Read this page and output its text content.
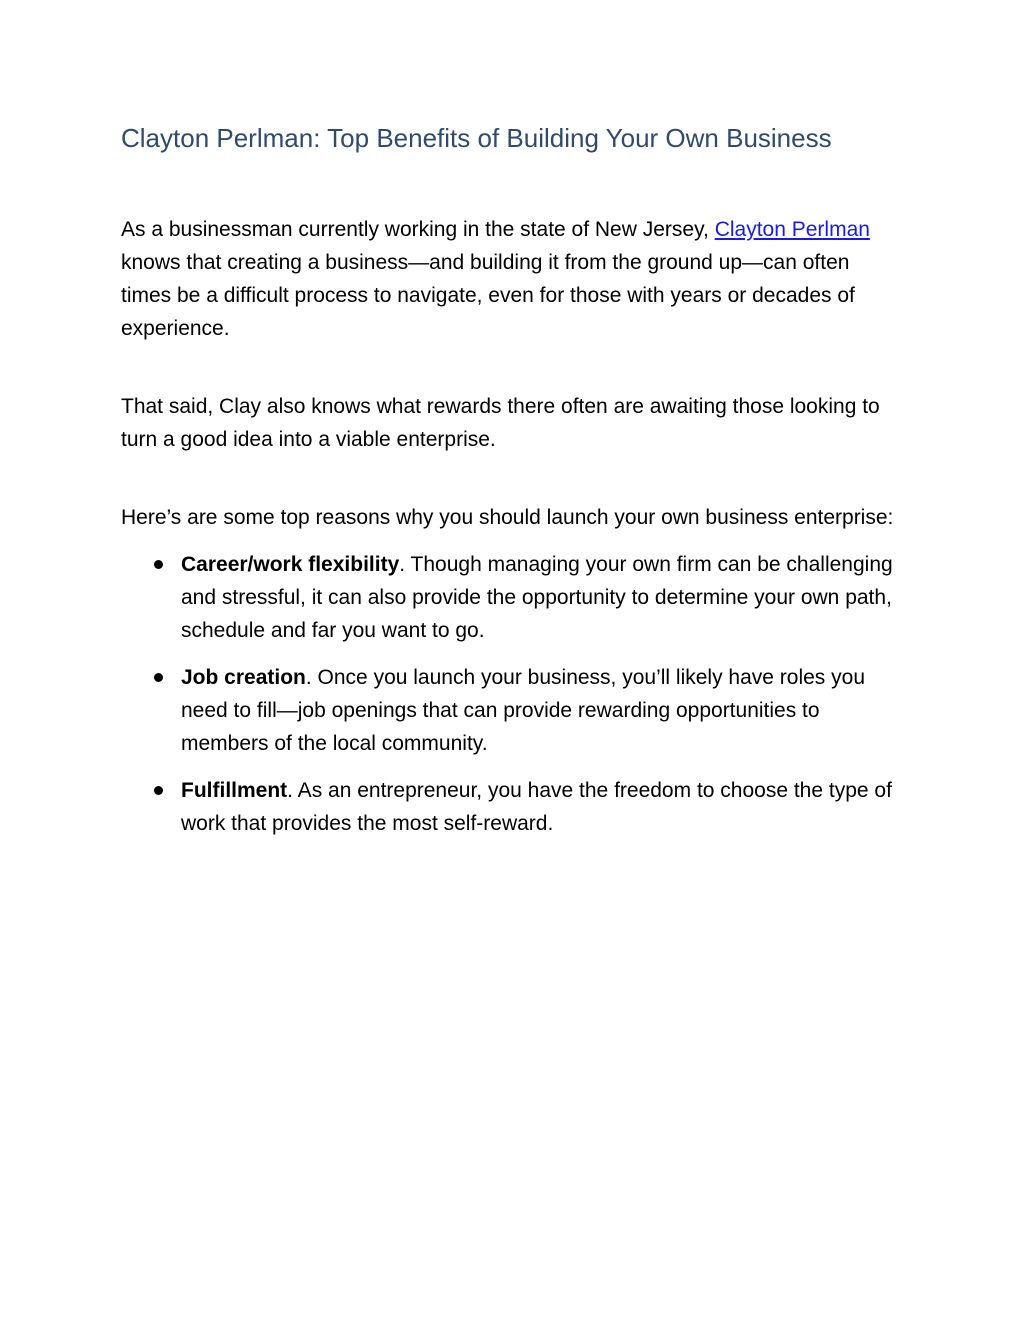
Clayton Perlman: Top Benefits of Building Your Own Business

As a businessman currently working in the state of New Jersey, Clayton Perlman knows that creating a business—and building it from the ground up—can often times be a difficult process to navigate, even for those with years or decades of experience.

That said, Clay also knows what rewards there often are awaiting those looking to turn a good idea into a viable enterprise.

Here’s are some top reasons why you should launch your own business enterprise:

Career/work flexibility. Though managing your own firm can be challenging and stressful, it can also provide the opportunity to determine your own path, schedule and far you want to go.
Job creation. Once you launch your business, you’ll likely have roles you need to fill—job openings that can provide rewarding opportunities to members of the local community.
Fulfillment. As an entrepreneur, you have the freedom to choose the type of work that provides the most self-reward.
